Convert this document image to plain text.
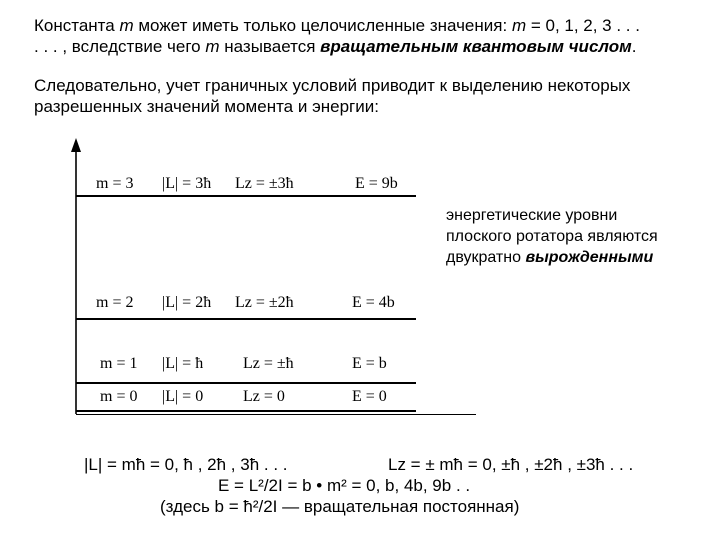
Константа m может иметь только целочисленные значения: m = 0, 1, 2, 3 . . .
. . . , вследствие чего m называется вращательным квантовым числом.
Следовательно, учет граничных условий приводит к выделению некоторых
разрешенных значений момента и энергии:
m = 3 |L| = 3ħ Lz = ±3ħ	E = 9b
m = 2 |L| = 2ħ Lz = ±2ħ	E = 4b
m = 1 |L| = ħ Lz = ±ħ	E = b
m = 0 |L| = 0 Lz = 0	E = 0
энергетические уровни
плоского ротатора являются
двукратно вырожденными
|L| = mħ = 0, ħ , 2ħ , 3ħ . . .	Lz = ± mħ = 0, ±ħ , ±2ħ , ±3ħ . . .
E = L²/2I = b • m² = 0, b, 4b, 9b . .
(здесь b = ħ²/2I — вращательная постоянная)
